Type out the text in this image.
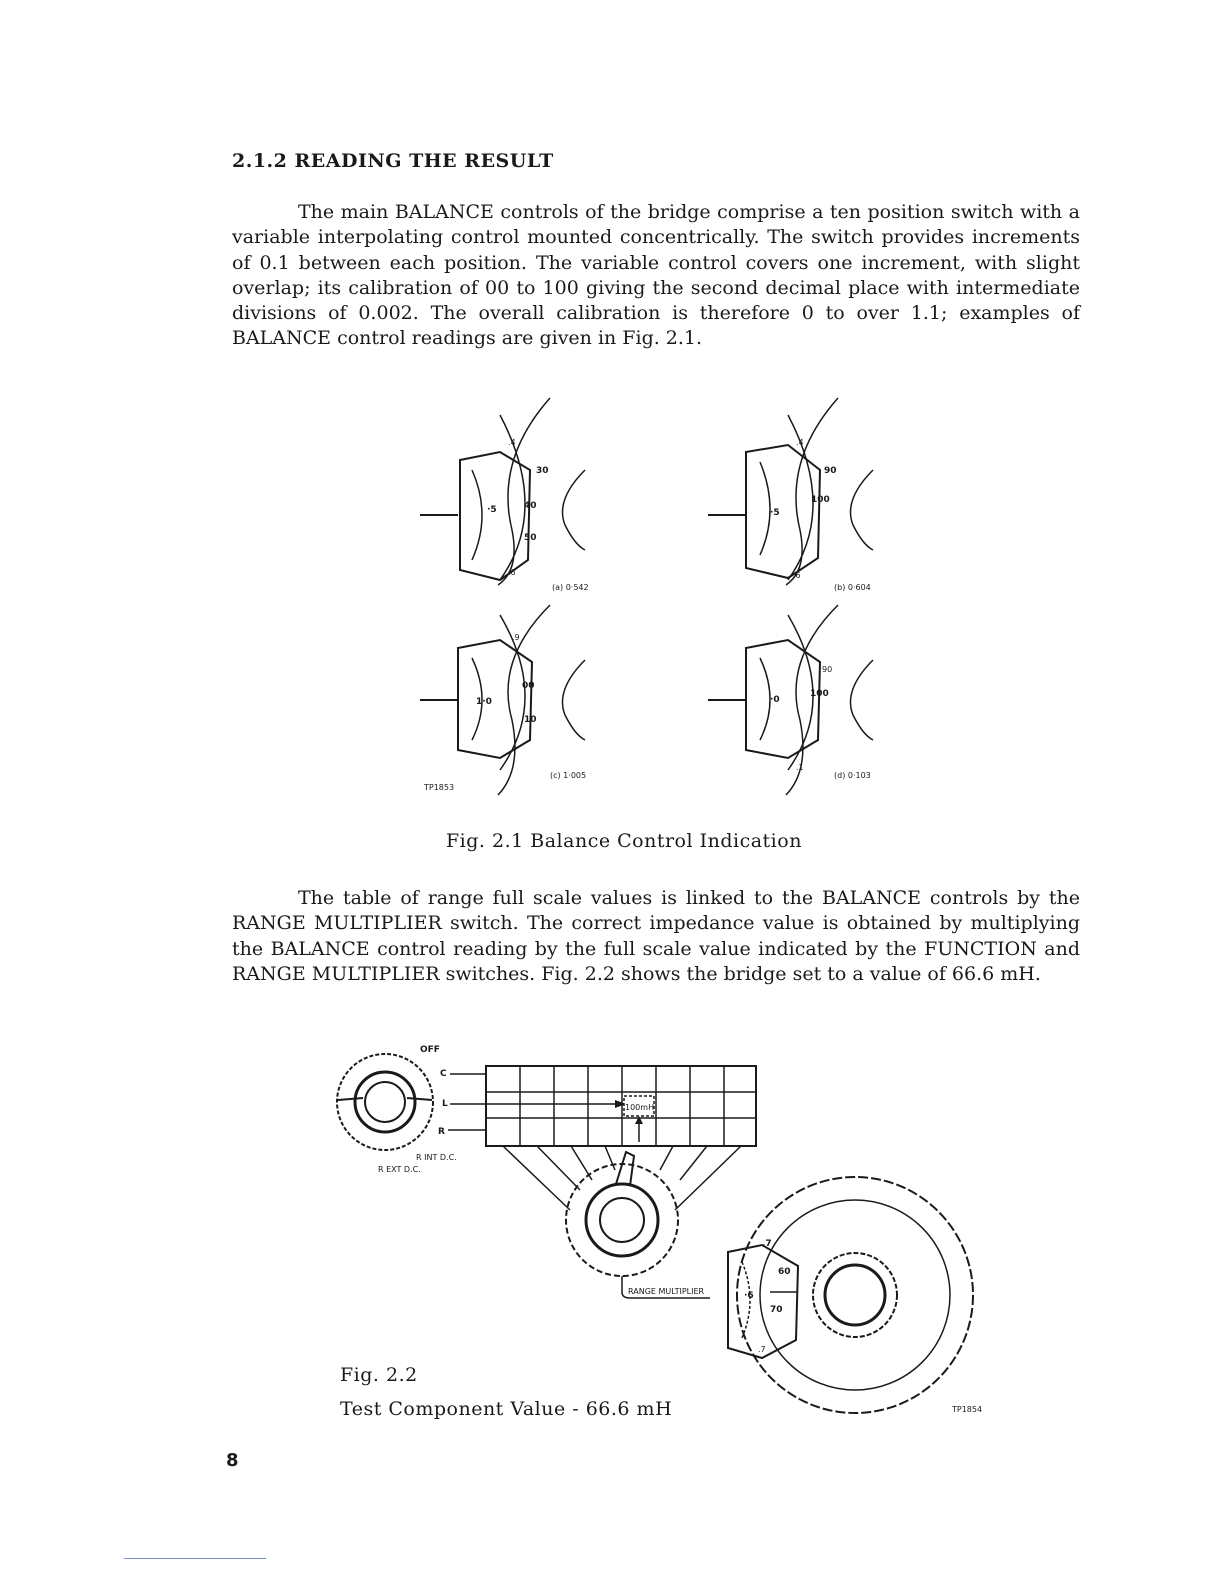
2.1.2 READING THE RESULT
The main BALANCE controls of the bridge comprise a ten position switch with a variable interpolating control mounted concentrically. The switch provides increments of 0.1 between each position. The variable control covers one increment, with slight overlap; its calibration of 00 to 100 giving the second decimal place with intermediate divisions of 0.002. The overall calibration is therefore 0 to over 1.1; examples of BALANCE control readings are given in Fig. 2.1.
·5
.4
30
40
50
.6
(a) 0·542
·5
.4
90
100
.6
(b) 0·604
1·0
.9
00
10
TP1853
(c) 1·005
·0
90
100
.1
(d) 0·103
Fig. 2.1 Balance Control Indication
The table of range full scale values is linked to the BALANCE controls by the RANGE MULTIPLIER switch. The correct impedance value is obtained by multiplying the BALANCE control reading by the full scale value indicated by the FUNCTION and RANGE MULTIPLIER switches. Fig. 2.2 shows the bridge set to a value of 66.6 mH.
OFF
C
L
R
R INT D.C.
R EXT D.C.
100mH
RANGE MULTIPLIER
.7
60
·6
70
.7
TP1854
Fig. 2.2
Test Component Value - 66.6 mH
8
